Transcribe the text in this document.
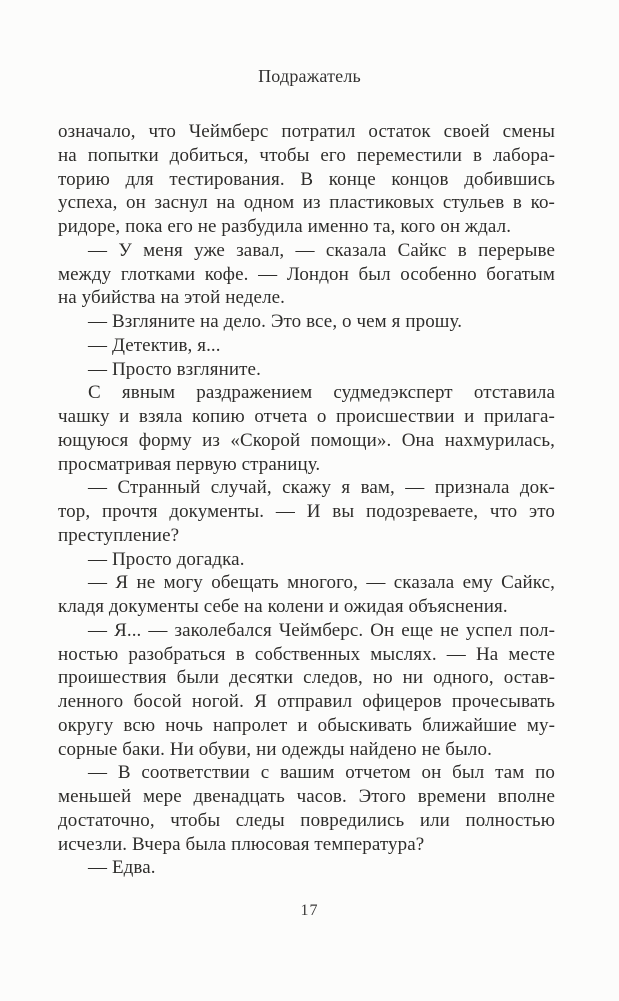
Подражатель
означало, что Чеймберс потратил остаток своей смены
на попытки добиться, чтобы его переместили в лабора-
торию для тестирования. В конце концов добившись
успеха, он заснул на одном из пластиковых стульев в ко-
ридоре, пока его не разбудила именно та, кого он ждал.
— У меня уже завал, — сказала Сайкс в перерыве
между глотками кофе. — Лондон был особенно богатым
на убийства на этой неделе.
— Взгляните на дело. Это все, о чем я прошу.
— Детектив, я...
— Просто взгляните.
С явным раздражением судмедэксперт отставила
чашку и взяла копию отчета о происшествии и прилага-
ющуюся форму из «Скорой помощи». Она нахмурилась,
просматривая первую страницу.
— Странный случай, скажу я вам, — признала док-
тор, прочтя документы. — И вы подозреваете, что это
преступление?
— Просто догадка.
— Я не могу обещать многого, — сказала ему Сайкс,
кладя документы себе на колени и ожидая объяснения.
— Я... — заколебался Чеймберс. Он еще не успел пол-
ностью разобраться в собственных мыслях. — На месте
проишествия были десятки следов, но ни одного, остав-
ленного босой ногой. Я отправил офицеров прочесывать
округу всю ночь напролет и обыскивать ближайшие му-
сорные баки. Ни обуви, ни одежды найдено не было.
— В соответствии с вашим отчетом он был там по
меньшей мере двенадцать часов. Этого времени вполне
достаточно, чтобы следы повредились или полностью
исчезли. Вчера была плюсовая температура?
— Едва.
17
